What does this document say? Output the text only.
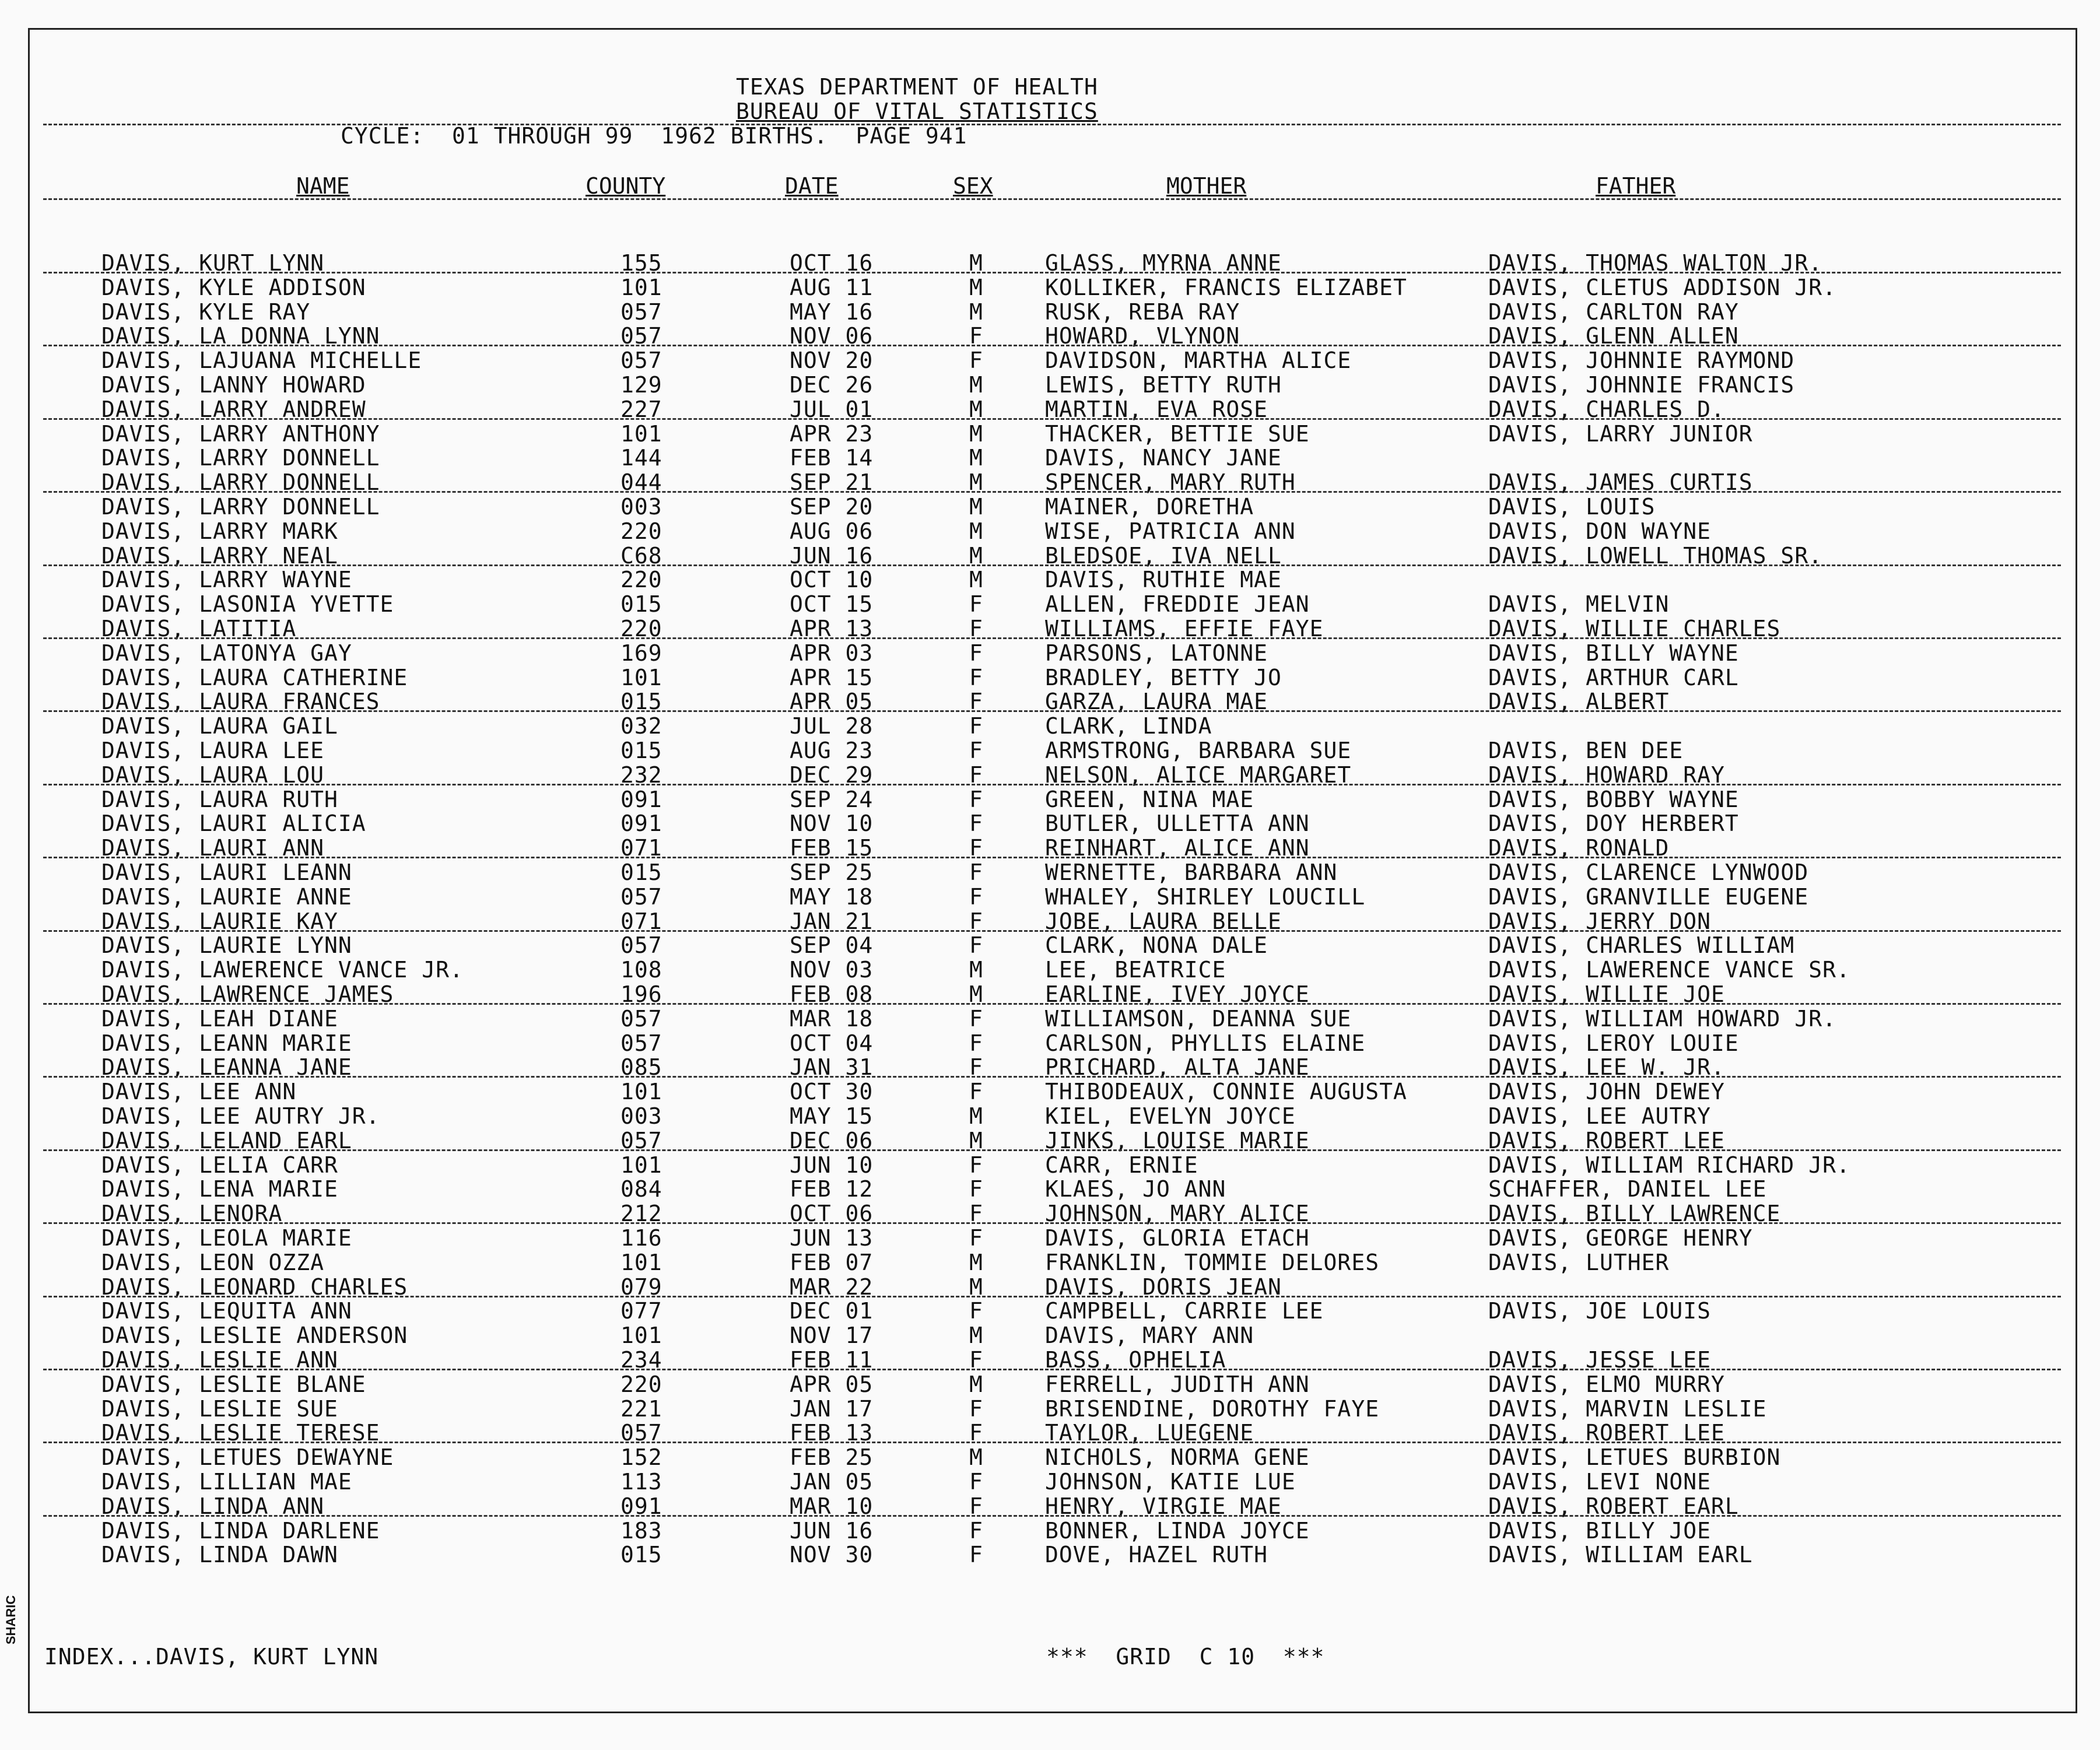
TEXAS DEPARTMENT OF HEALTH
BUREAU OF VITAL STATISTICS
CYCLE:  01 THROUGH 99  1962 BIRTHS.  PAGE 941
NAME	COUNTY	DATE	SEX	MOTHER	FATHER
DAVIS, KURT LYNN	155	OCT 16	M	GLASS, MYRNA ANNE	DAVIS, THOMAS WALTON JR.
DAVIS, KYLE ADDISON	101	AUG 11	M	KOLLIKER, FRANCIS ELIZABET	DAVIS, CLETUS ADDISON JR.
DAVIS, KYLE RAY	057	MAY 16	M	RUSK, REBA RAY	DAVIS, CARLTON RAY
DAVIS, LA DONNA LYNN	057	NOV 06	F	HOWARD, VLYNON	DAVIS, GLENN ALLEN
DAVIS, LAJUANA MICHELLE	057	NOV 20	F	DAVIDSON, MARTHA ALICE	DAVIS, JOHNNIE RAYMOND
DAVIS, LANNY HOWARD	129	DEC 26	M	LEWIS, BETTY RUTH	DAVIS, JOHNNIE FRANCIS
DAVIS, LARRY ANDREW	227	JUL 01	M	MARTIN, EVA ROSE	DAVIS, CHARLES D.
DAVIS, LARRY ANTHONY	101	APR 23	M	THACKER, BETTIE SUE	DAVIS, LARRY JUNIOR
DAVIS, LARRY DONNELL	144	FEB 14	M	DAVIS, NANCY JANE
DAVIS, LARRY DONNELL	044	SEP 21	M	SPENCER, MARY RUTH	DAVIS, JAMES CURTIS
DAVIS, LARRY DONNELL	003	SEP 20	M	MAINER, DORETHA	DAVIS, LOUIS
DAVIS, LARRY MARK	220	AUG 06	M	WISE, PATRICIA ANN	DAVIS, DON WAYNE
DAVIS, LARRY NEAL	C68	JUN 16	M	BLEDSOE, IVA NELL	DAVIS, LOWELL THOMAS SR.
DAVIS, LARRY WAYNE	220	OCT 10	M	DAVIS, RUTHIE MAE
DAVIS, LASONIA YVETTE	015	OCT 15	F	ALLEN, FREDDIE JEAN	DAVIS, MELVIN
DAVIS, LATITIA	220	APR 13	F	WILLIAMS, EFFIE FAYE	DAVIS, WILLIE CHARLES
DAVIS, LATONYA GAY	169	APR 03	F	PARSONS, LATONNE	DAVIS, BILLY WAYNE
DAVIS, LAURA CATHERINE	101	APR 15	F	BRADLEY, BETTY JO	DAVIS, ARTHUR CARL
DAVIS, LAURA FRANCES	015	APR 05	F	GARZA, LAURA MAE	DAVIS, ALBERT
DAVIS, LAURA GAIL	032	JUL 28	F	CLARK, LINDA
DAVIS, LAURA LEE	015	AUG 23	F	ARMSTRONG, BARBARA SUE	DAVIS, BEN DEE
DAVIS, LAURA LOU	232	DEC 29	F	NELSON, ALICE MARGARET	DAVIS, HOWARD RAY
DAVIS, LAURA RUTH	091	SEP 24	F	GREEN, NINA MAE	DAVIS, BOBBY WAYNE
DAVIS, LAURI ALICIA	091	NOV 10	F	BUTLER, ULLETTA ANN	DAVIS, DOY HERBERT
DAVIS, LAURI ANN	071	FEB 15	F	REINHART, ALICE ANN	DAVIS, RONALD
DAVIS, LAURI LEANN	015	SEP 25	F	WERNETTE, BARBARA ANN	DAVIS, CLARENCE LYNWOOD
DAVIS, LAURIE ANNE	057	MAY 18	F	WHALEY, SHIRLEY LOUCILL	DAVIS, GRANVILLE EUGENE
DAVIS, LAURIE KAY	071	JAN 21	F	JOBE, LAURA BELLE	DAVIS, JERRY DON
DAVIS, LAURIE LYNN	057	SEP 04	F	CLARK, NONA DALE	DAVIS, CHARLES WILLIAM
DAVIS, LAWERENCE VANCE JR.	108	NOV 03	M	LEE, BEATRICE	DAVIS, LAWERENCE VANCE SR.
DAVIS, LAWRENCE JAMES	196	FEB 08	M	EARLINE, IVEY JOYCE	DAVIS, WILLIE JOE
DAVIS, LEAH DIANE	057	MAR 18	F	WILLIAMSON, DEANNA SUE	DAVIS, WILLIAM HOWARD JR.
DAVIS, LEANN MARIE	057	OCT 04	F	CARLSON, PHYLLIS ELAINE	DAVIS, LEROY LOUIE
DAVIS, LEANNA JANE	085	JAN 31	F	PRICHARD, ALTA JANE	DAVIS, LEE W. JR.
DAVIS, LEE ANN	101	OCT 30	F	THIBODEAUX, CONNIE AUGUSTA	DAVIS, JOHN DEWEY
DAVIS, LEE AUTRY JR.	003	MAY 15	M	KIEL, EVELYN JOYCE	DAVIS, LEE AUTRY
DAVIS, LELAND EARL	057	DEC 06	M	JINKS, LOUISE MARIE	DAVIS, ROBERT LEE
DAVIS, LELIA CARR	101	JUN 10	F	CARR, ERNIE	DAVIS, WILLIAM RICHARD JR.
DAVIS, LENA MARIE	084	FEB 12	F	KLAES, JO ANN	SCHAFFER, DANIEL LEE
DAVIS, LENORA	212	OCT 06	F	JOHNSON, MARY ALICE	DAVIS, BILLY LAWRENCE
DAVIS, LEOLA MARIE	116	JUN 13	F	DAVIS, GLORIA ETACH	DAVIS, GEORGE HENRY
DAVIS, LEON OZZA	101	FEB 07	M	FRANKLIN, TOMMIE DELORES	DAVIS, LUTHER
DAVIS, LEONARD CHARLES	079	MAR 22	M	DAVIS, DORIS JEAN
DAVIS, LEQUITA ANN	077	DEC 01	F	CAMPBELL, CARRIE LEE	DAVIS, JOE LOUIS
DAVIS, LESLIE ANDERSON	101	NOV 17	M	DAVIS, MARY ANN
DAVIS, LESLIE ANN	234	FEB 11	F	BASS, OPHELIA	DAVIS, JESSE LEE
DAVIS, LESLIE BLANE	220	APR 05	M	FERRELL, JUDITH ANN	DAVIS, ELMO MURRY
DAVIS, LESLIE SUE	221	JAN 17	F	BRISENDINE, DOROTHY FAYE	DAVIS, MARVIN LESLIE
DAVIS, LESLIE TERESE	057	FEB 13	F	TAYLOR, LUEGENE	DAVIS, ROBERT LEE
DAVIS, LETUES DEWAYNE	152	FEB 25	M	NICHOLS, NORMA GENE	DAVIS, LETUES BURBION
DAVIS, LILLIAN MAE	113	JAN 05	F	JOHNSON, KATIE LUE	DAVIS, LEVI NONE
DAVIS, LINDA ANN	091	MAR 10	F	HENRY, VIRGIE MAE	DAVIS, ROBERT EARL
DAVIS, LINDA DARLENE	183	JUN 16	F	BONNER, LINDA JOYCE	DAVIS, BILLY JOE
DAVIS, LINDA DAWN	015	NOV 30	F	DOVE, HAZEL RUTH	DAVIS, WILLIAM EARL
INDEX...DAVIS, KURT LYNN	***  GRID  C 10  ***
SHARIC
